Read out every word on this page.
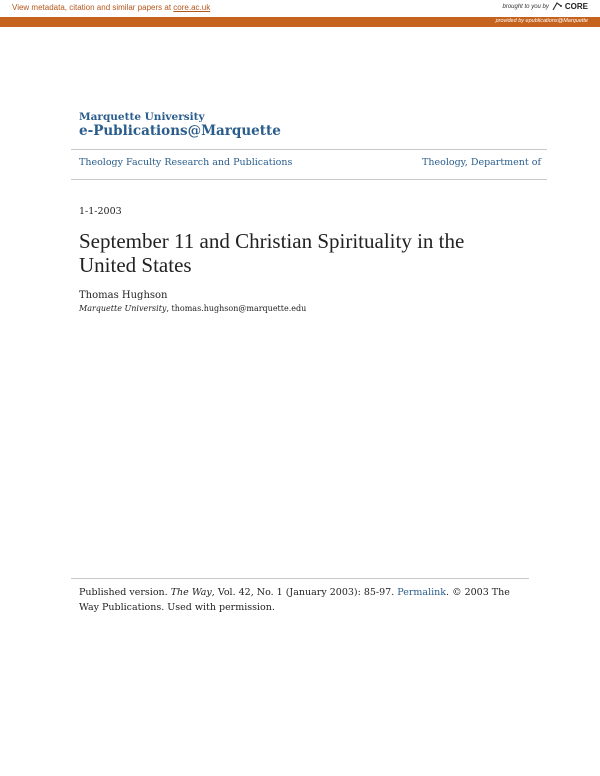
View metadata, citation and similar papers at core.ac.uk	brought to you by CORE
provided by epublications@Marquette
Marquette University
e-Publications@Marquette
Theology Faculty Research and Publications	Theology, Department of
1-1-2003
September 11 and Christian Spirituality in the United States
Thomas Hughson
Marquette University, thomas.hughson@marquette.edu
Published version. The Way, Vol. 42, No. 1 (January 2003): 85-97. Permalink. © 2003 The Way Publications. Used with permission.
